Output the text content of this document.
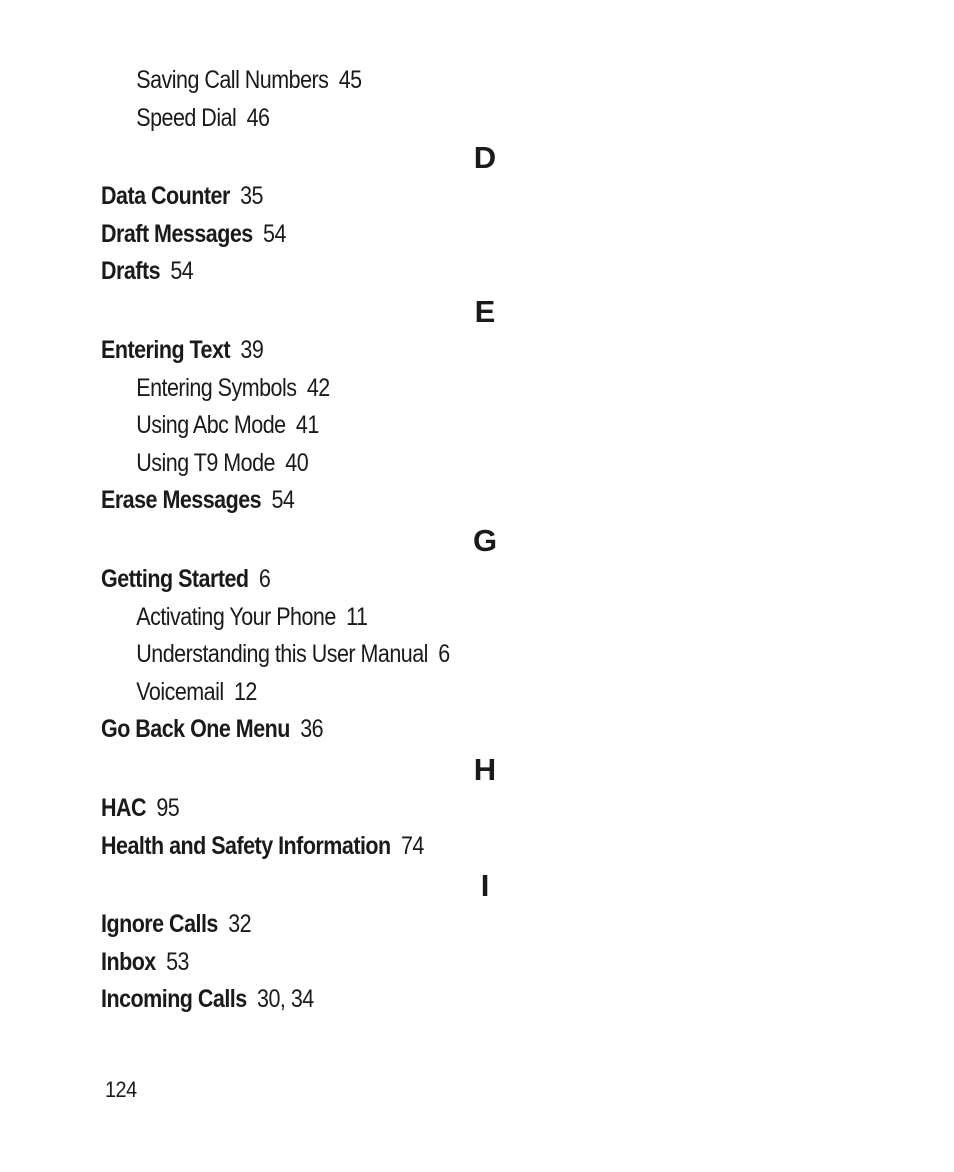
Saving Call Numbers 45
Speed Dial 46
D
Data Counter 35
Draft Messages 54
Drafts 54
E
Entering Text 39
Entering Symbols 42
Using Abc Mode 41
Using T9 Mode 40
Erase Messages 54
G
Getting Started 6
Activating Your Phone 11
Understanding this User Manual 6
Voicemail 12
Go Back One Menu 36
H
HAC 95
Health and Safety Information 74
I
Ignore Calls 32
Inbox 53
Incoming Calls 30, 34
124
